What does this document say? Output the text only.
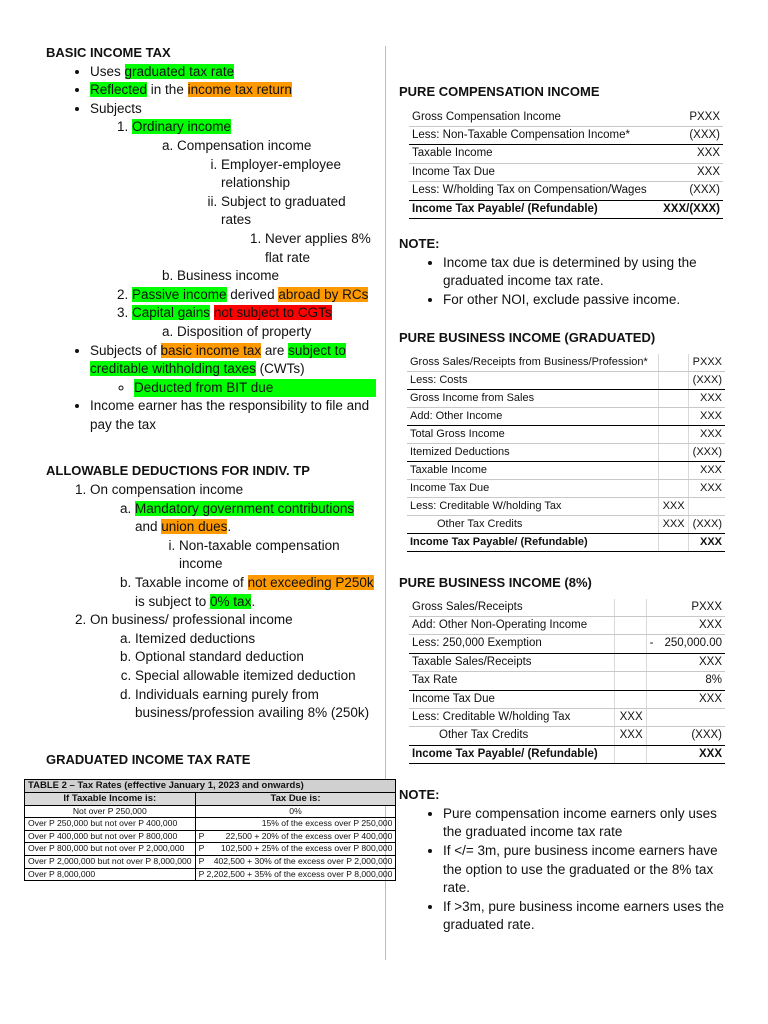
BASIC INCOME TAX
• Uses graduated tax rate
• Reflected in the income tax return
• Subjects
1. Ordinary income
a. Compensation income
i. Employer-employee relationship
ii. Subject to graduated rates
1. Never applies 8% flat rate
b. Business income
2. Passive income derived abroad by RCs
3. Capital gains not subject to CGTs
a. Disposition of property
• Subjects of basic income tax are subject to creditable withholding taxes (CWTs)
◦ Deducted from BIT due
• Income earner has the responsibility to file and pay the tax
ALLOWABLE DEDUCTIONS FOR INDIV. TP
1. On compensation income
a. Mandatory government contributions and union dues.
i. Non-taxable compensation income
b. Taxable income of not exceeding P250k is subject to 0% tax.
2. On business/ professional income
a. Itemized deductions
b. Optional standard deduction
c. Special allowable itemized deduction
d. Individuals earning purely from business/profession availing 8% (250k)
GRADUATED INCOME TAX RATE
TABLE 2 – Tax Rates (effective January 1, 2023 and onwards)		
If Taxable Income is:	Tax Due is:	
Not over P 250,000	0%	
Over P 250,000 but not over P 400,000	15% of the excess over P 250,000	
Over P 400,000 but not over P 800,000	P	22,500 + 20% of the excess over P 400,000
Over P 800,000 but not over P 2,000,000	P	102,500 + 25% of the excess over P 800,000
Over P 2,000,000 but not over P 8,000,000	P	402,500 + 30% of the excess over P 2,000,000
Over P 8,000,000	P 2,202,500 + 35% of the excess over P 8,000,000	
PURE COMPENSATION INCOME
Gross Compensation Income	PXXX
Less: Non-Taxable Compensation Income*	(XXX)
Taxable Income	XXX
Income Tax Due	XXX
Less: W/holding Tax on Compensation/Wages	(XXX)
Income Tax Payable/ (Refundable)	XXX/(XXX)
NOTE:
• Income tax due is determined by using the graduated income tax rate.
• For other NOI, exclude passive income.
PURE BUSINESS INCOME (GRADUATED)
Gross Sales/Receipts from Business/Profession*		PXXX
Less: Costs		(XXX)
Gross Income from Sales		XXX
Add: Other Income		XXX
Total Gross Income		XXX
Itemized Deductions		(XXX)
Taxable Income		XXX
Income Tax Due		XXX
Less: Creditable W/holding Tax	XXX	
Other Tax Credits	XXX	(XXX)
Income Tax Payable/ (Refundable)		XXX
PURE BUSINESS INCOME (8%)
Gross Sales/Receipts			PXXX
Add: Other Non-Operating Income			XXX
Less: 250,000 Exemption		-	250,000.00
Taxable Sales/Receipts			XXX
Tax Rate			8%
Income Tax Due			XXX
Less: Creditable W/holding Tax	XXX		
Other Tax Credits	XXX		(XXX)
Income Tax Payable/ (Refundable)			XXX
NOTE:
• Pure compensation income earners only uses the graduated income tax rate
• If </= 3m, pure business income earners have the option to use the graduated or the 8% tax rate.
• If >3m, pure business income earners uses the graduated rate.
